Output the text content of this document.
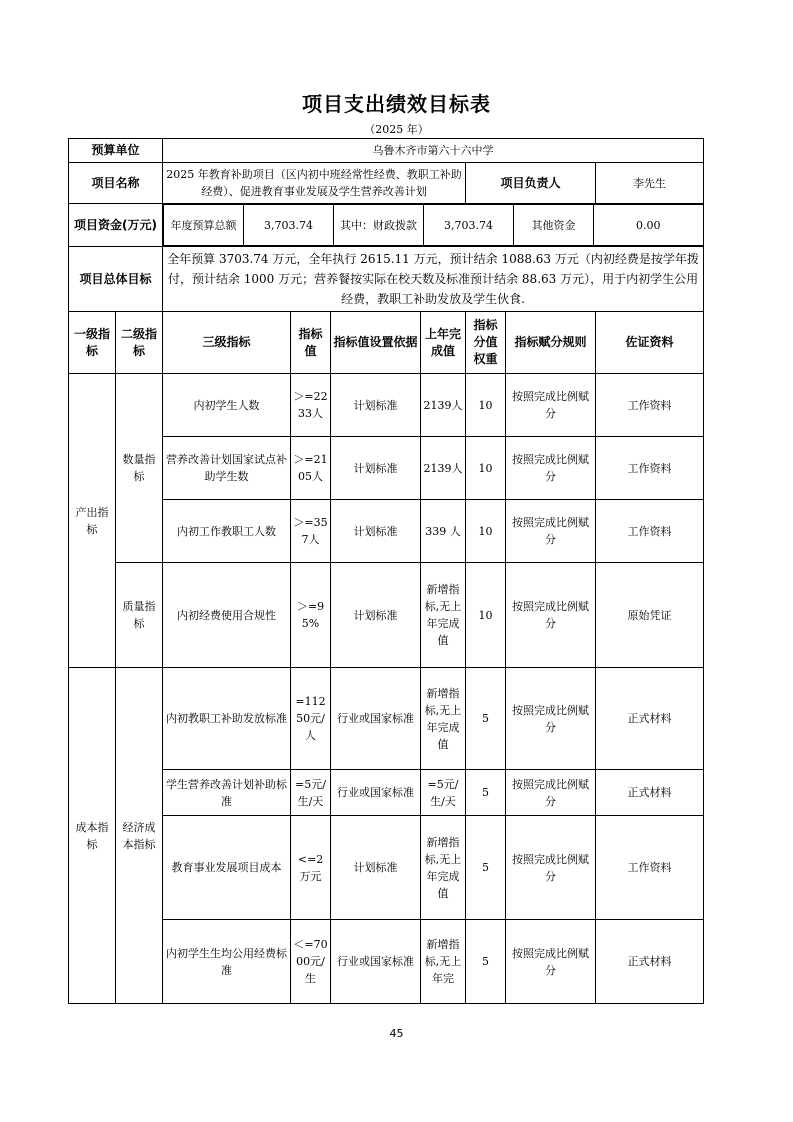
项目支出绩效目标表
（2025 年）
预算单位	乌鲁木齐市第六十六中学
项目名称	2025 年教育补助项目（区内初中班经常性经费、教职工补助经费）、促进教育事业发展及学生营养改善计划	项目负责人	李先生
项目资金(万元)	年度预算总额	3,703.74	其中：财政拨款	3,703.74	其他资金	0.00

项目总体目标	全年预算 3703.74 万元，全年执行 2615.11 万元，预计结余 1088.63 万元（内初经费是按学年拨付，预计结余 1000 万元；营养餐按实际在校天数及标准预计结余 88.63 万元），用于内初学生公用经费，教职工补助发放及学生伙食.
一级指标	二级指标	三级指标	指标值	指标值设置依据	上年完成值	指标分值权重	指标赋分规则	佐证资料
产出指标	数量指标	内初学生人数	＞=2233人	计划标准	2139人	10	按照完成比例赋分	工作资料
营养改善计划国家试点补助学生数	＞=2105人	计划标准	2139人	10	按照完成比例赋分	工作资料
内初工作教职工人数	＞=357人	计划标准	339 人	10	按照完成比例赋分	工作资料
质量指标	内初经费使用合规性	＞=95%	计划标准	新增指标,无上年完成值	10	按照完成比例赋分	原始凭证
成本指标	经济成本指标	内初教职工补助发放标准	=11250元/人	行业或国家标准	新增指标,无上年完成值	5	按照完成比例赋分	正式材料
学生营养改善计划补助标准	=5元/生/天	行业或国家标准	=5元/生/天	5	按照完成比例赋分	正式材料
教育事业发展项目成本	<=2万元	计划标准	新增指标,无上年完成值	5	按照完成比例赋分	工作资料
内初学生生均公用经费标准	＜=7000元/生	行业或国家标准	新增指标,无上年完	5	按照完成比例赋分	正式材料
45
